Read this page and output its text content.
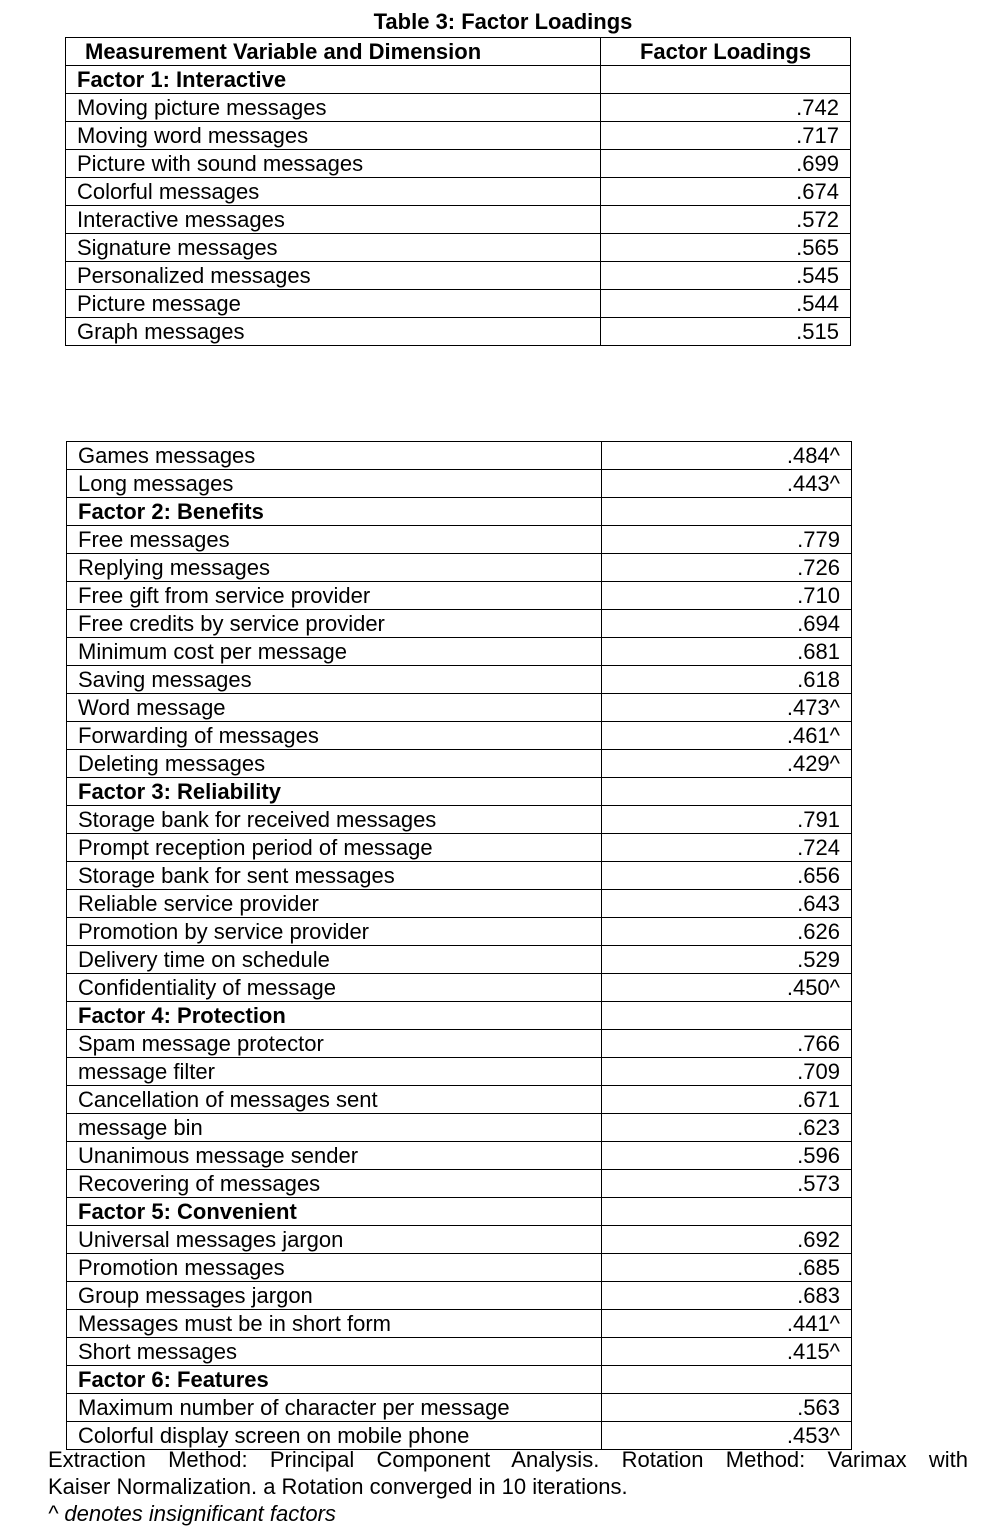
Table 3: Factor Loadings
Measurement Variable and Dimension	Factor Loadings
Factor 1: Interactive	
Moving picture messages	.742
Moving word messages	.717
Picture with sound messages	.699
Colorful messages	.674
Interactive messages	.572
Signature messages	.565
Personalized messages	.545
Picture message	.544
Graph messages	.515
Games messages	.484^
Long messages	.443^
Factor 2: Benefits	
Free messages	.779
Replying messages	.726
Free gift from service provider	.710
Free credits by service provider	.694
Minimum cost per message	.681
Saving messages	.618
Word message	.473^
Forwarding of messages	.461^
Deleting messages	.429^
Factor 3: Reliability	
Storage bank for received messages	.791
Prompt reception period of message	.724
Storage bank for sent messages	.656
Reliable service provider	.643
Promotion by service provider	.626
Delivery time on schedule	.529
Confidentiality of message	.450^
Factor 4: Protection	
Spam message protector	.766
message filter	.709
Cancellation of messages sent	.671
message bin	.623
Unanimous message sender	.596
Recovering of messages	.573
Factor 5: Convenient	
Universal messages jargon	.692
Promotion messages	.685
Group messages jargon	.683
Messages must be in short form	.441^
Short messages	.415^
Factor 6: Features	
Maximum number of character per message	.563
Colorful display screen on mobile phone	.453^
Extraction Method: Principal Component Analysis. Rotation Method: Varimax with
Kaiser Normalization. a Rotation converged in 10 iterations.
^ denotes insignificant factors
